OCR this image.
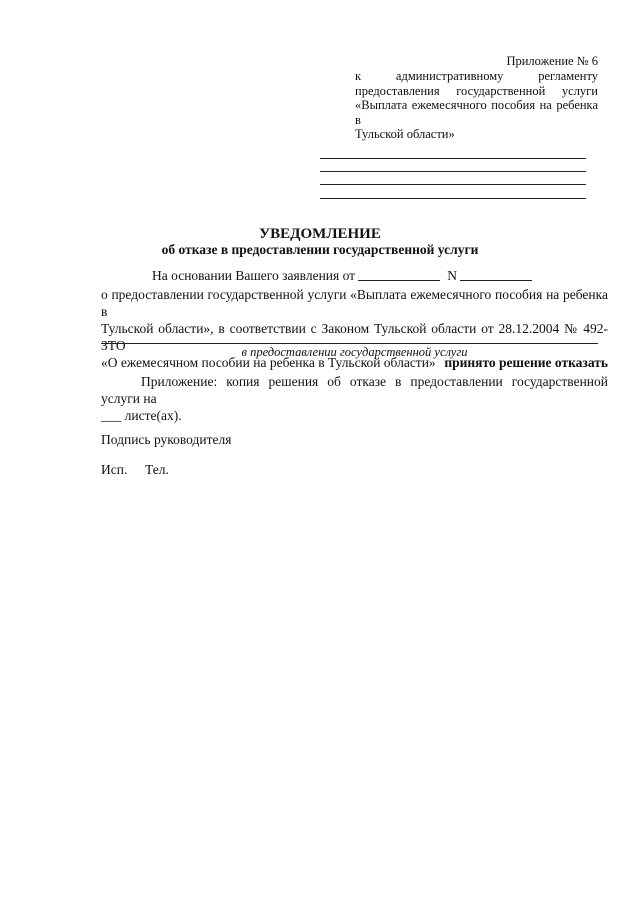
Приложение № 6
к	административному	регламенту
предоставления государственной услуги
«Выплата ежемесячного пособия на ребенка в
Тульской области»
УВЕДОМЛЕНИЕ
об отказе в предоставлении государственной услуги
На основании Вашего заявления от

	N

о предоставлении государственной услуги «Выплата ежемесячного пособия на ребенка в
Тульской области», в соответствии с Законом Тульской области от 28.12.2004 № 492-ЗТО
«О ежемесячном пособии на ребенка в Тульской области» принято решение отказать
в предоставлении государственной услуги
Приложение: копия решения об отказе в предоставлении государственной услуги на
___ листе(ах).
Подпись руководителя
Исп. Тел.
